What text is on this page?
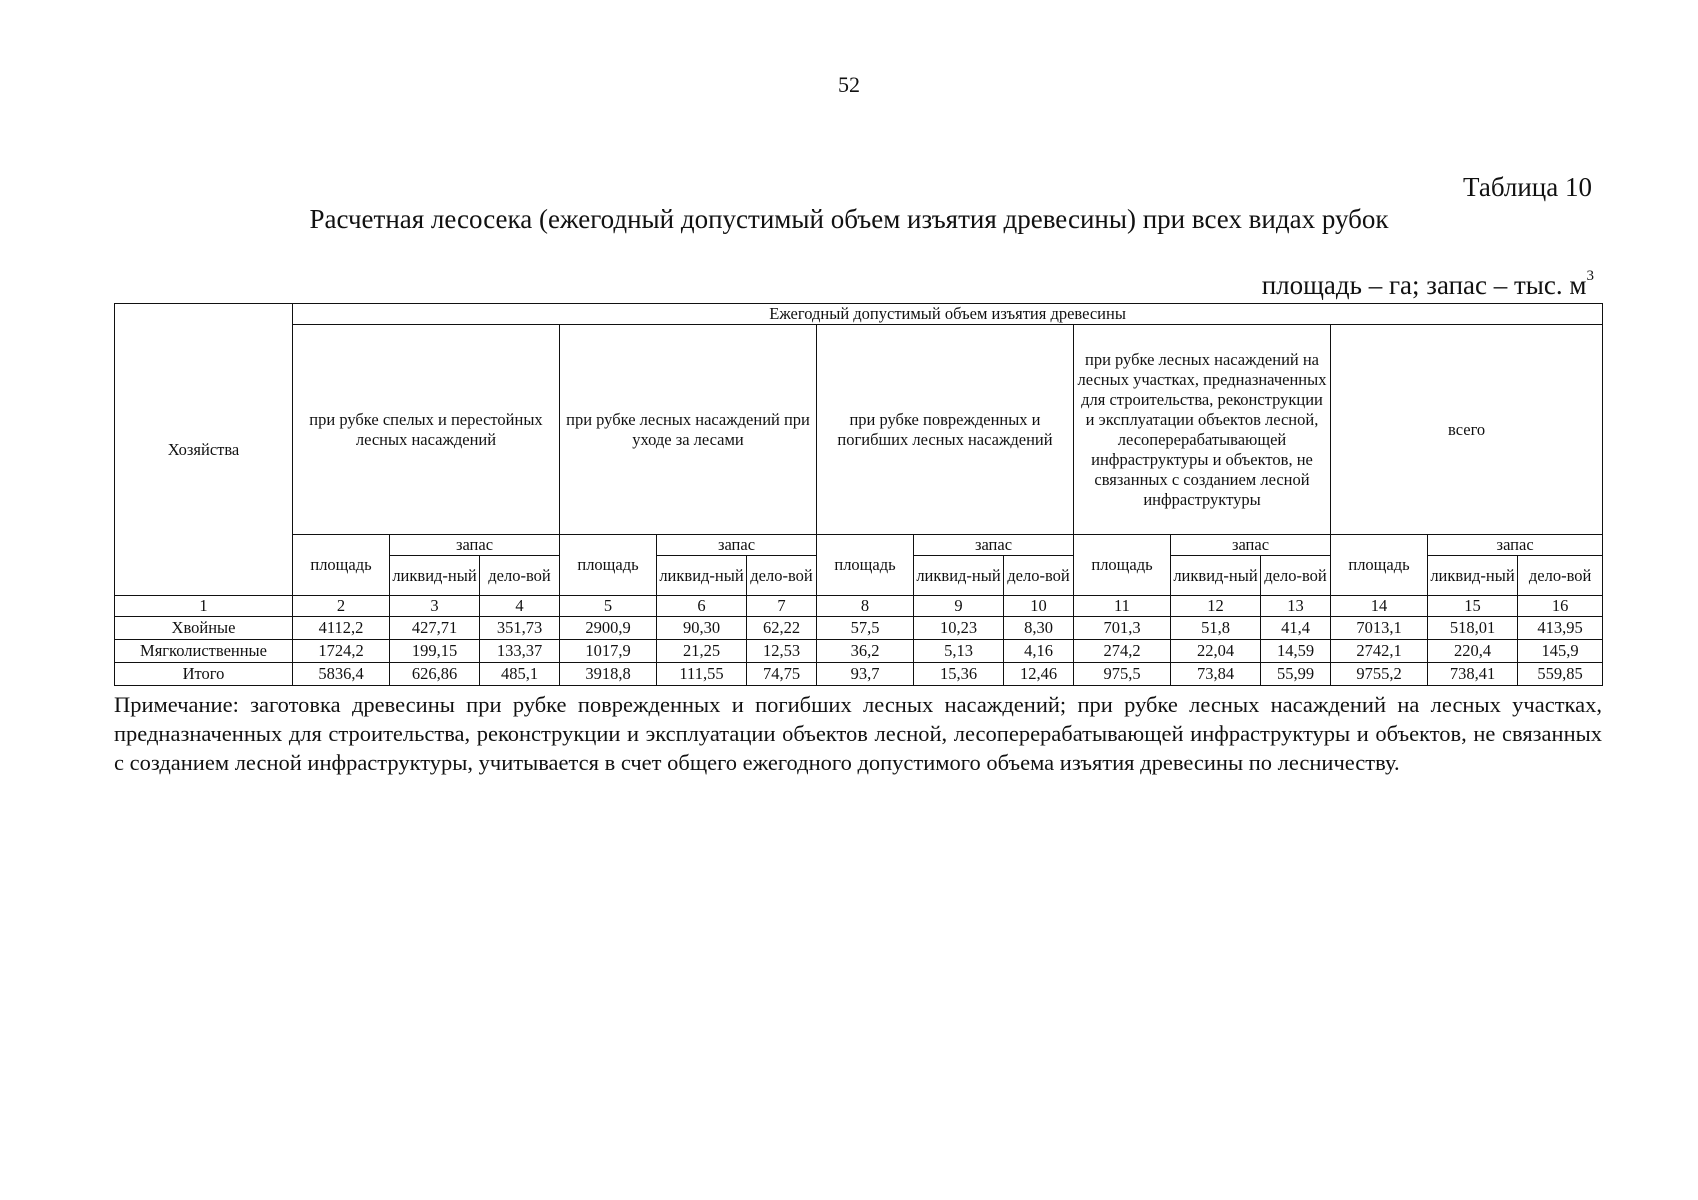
52
Таблица 10
Расчетная лесосека (ежегодный допустимый объем изъятия древесины) при всех видах рубок
площадь – га; запас – тыс. $м^3$
Хозяйства	Ежегодный допустимый объем изъятия древесины														
	при рубке спелых и перестойных лесных насаждений			при рубке лесных насаждений при уходе за лесами			при рубке поврежденных и погибших лесных насаждений			при рубке лесных насаждений на лесных участках, предназначенных для строительства, реконструкции и эксплуатации объектов лесной, лесоперерабатывающей инфраструктуры и объектов, не связанных с созданием лесной инфраструктуры			всего		
	площадь	запас		площадь	запас		площадь	запас		площадь	запас		площадь	запас	
		ликвид-ный	дело-вой		ликвид-ный	дело-вой		ликвид-ный	дело-вой		ликвид-ный	дело-вой		ликвид-ный	дело-вой

1	2	3	4	5	6	7	8	9	10	11	12	13	14	15	16
Хвойные	4112,2	427,71	351,73	2900,9	90,30	62,22	57,5	10,23	8,30	701,3	51,8	41,4	7013,1	518,01	413,95
Мягколиственные	1724,2	199,15	133,37	1017,9	21,25	12,53	36,2	5,13	4,16	274,2	22,04	14,59	2742,1	220,4	145,9
Итого	5836,4	626,86	485,1	3918,8	111,55	74,75	93,7	15,36	12,46	975,5	73,84	55,99	9755,2	738,41	559,85
Примечание: заготовка древесины при рубке поврежденных и погибших лесных насаждений; при рубке лесных насаждений на лесных участках, предназначенных для строительства, реконструкции и эксплуатации объектов лесной, лесоперерабатывающей инфраструктуры и объектов, не связанных с созданием лесной инфраструктуры, учитывается в счет общего ежегодного допустимого объема изъятия древесины по лесничеству.
